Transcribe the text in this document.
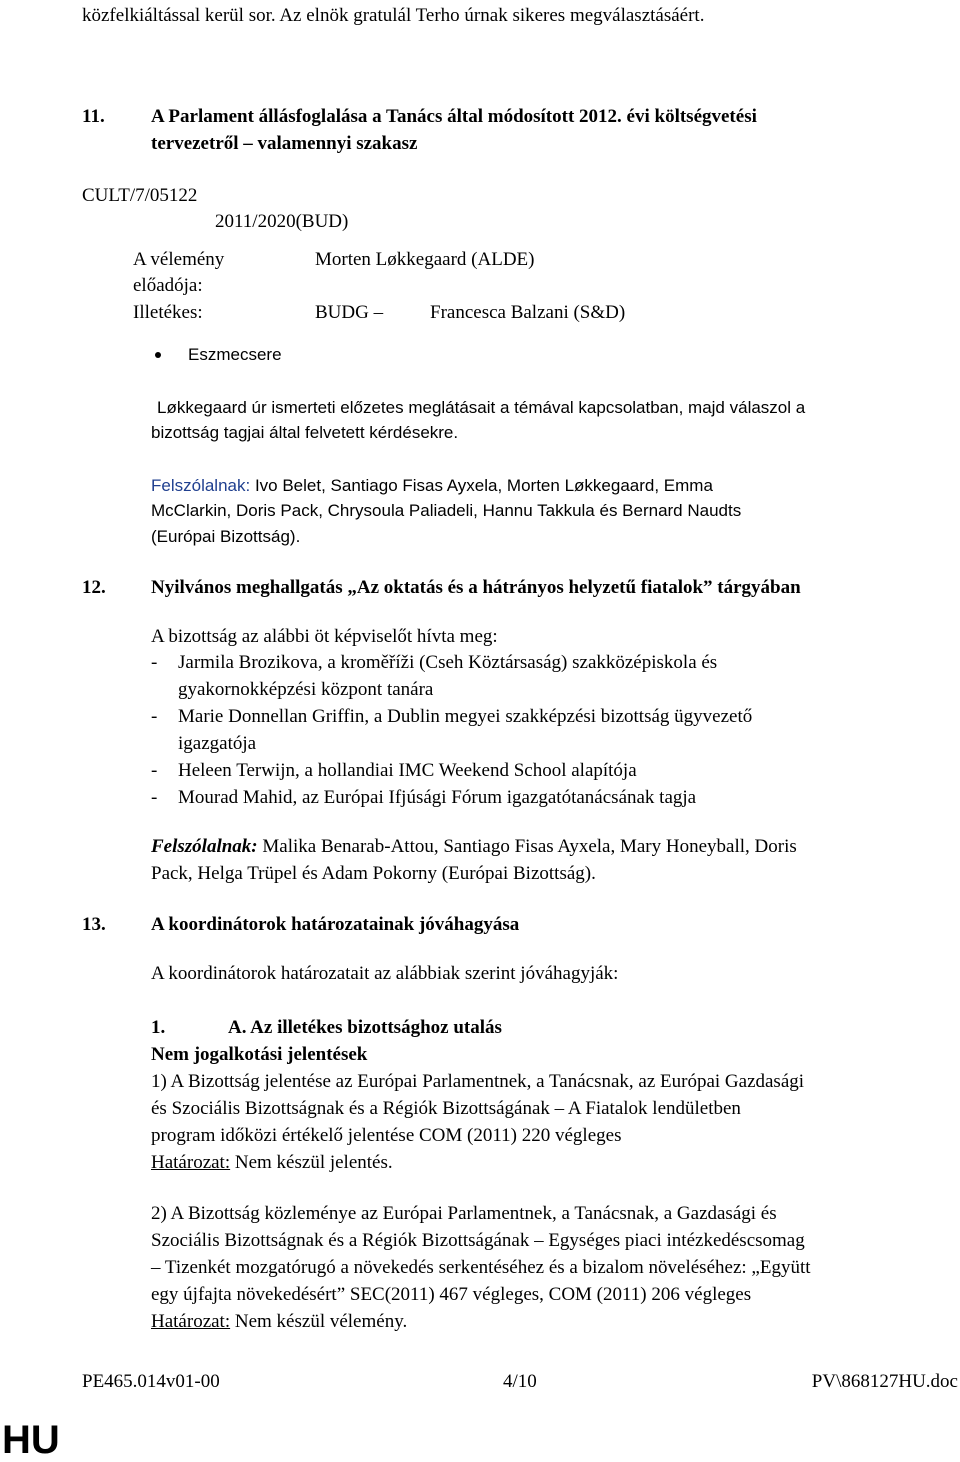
közfelkiáltással kerül sor. Az elnök gratulál Terho úrnak sikeres megválasztásáért.
11. A Parlament állásfoglalása a Tanács által módosított 2012. évi költségvetési
tervezetről – valamennyi szakasz
CULT/7/05122
2011/2020(BUD)
A vélemény
előadója:
Morten Løkkegaard (ALDE)
Illetékes:	BUDG – Francesca Balzani (S&D)
Eszmecsere
Løkkegaard úr ismerteti előzetes meglátásait a témával kapcsolatban, majd válaszol a
bizottság tagjai által felvetett kérdésekre.
Felszólalnak: Ivo Belet, Santiago Fisas Ayxela, Morten Løkkegaard, Emma
McClarkin, Doris Pack, Chrysoula Paliadeli, Hannu Takkula és Bernard Naudts
(Európai Bizottság).
12. Nyilvános meghallgatás „Az oktatás és a hátrányos helyzetű fiatalok” tárgyában
A bizottság az alábbi öt képviselőt hívta meg:
- Jarmila Brozikova, a kroměříži (Cseh Köztársaság) szakközépiskola és
gyakornokképzési központ tanára
- Marie Donnellan Griffin, a Dublin megyei szakképzési bizottság ügyvezető
igazgatója
- Heleen Terwijn, a hollandiai IMC Weekend School alapítója
- Mourad Mahid, az Európai Ifjúsági Fórum igazgatótanácsának tagja
Felszólalnak: Malika Benarab-Attou, Santiago Fisas Ayxela, Mary Honeyball, Doris
Pack, Helga Trüpel és Adam Pokorny (Európai Bizottság).
13. A koordinátorok határozatainak jóváhagyása
A koordinátorok határozatait az alábbiak szerint jóváhagyják:
1.	A. Az illetékes bizottsághoz utalás
Nem jogalkotási jelentések
1) A Bizottság jelentése az Európai Parlamentnek, a Tanácsnak, az Európai Gazdasági
és Szociális Bizottságnak és a Régiók Bizottságának – A Fiatalok lendületben
program időközi értékelő jelentése COM (2011) 220 végleges
Határozat: Nem készül jelentés.
2) A Bizottság közleménye az Európai Parlamentnek, a Tanácsnak, a Gazdasági és
Szociális Bizottságnak és a Régiók Bizottságának – Egységes piaci intézkedéscsomag
– Tizenkét mozgatórugó a növekedés serkentéséhez és a bizalom növeléséhez: „Együtt
egy újfajta növekedésért” SEC(2011) 467 végleges, COM (2011) 206 végleges
Határozat: Nem készül vélemény.
PE465.014v01-00	4/10	PV\868127HU.doc
HU
